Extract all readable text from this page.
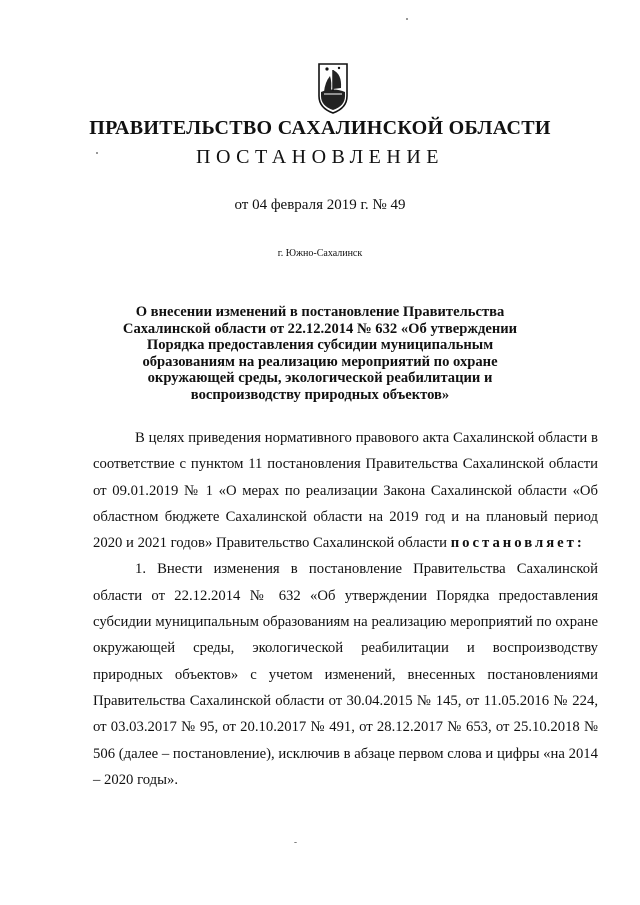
ПРАВИТЕЛЬСТВО САХАЛИНСКОЙ ОБЛАСТИ
ПОСТАНОВЛЕНИЕ
от 04 февраля 2019 г. № 49
г. Южно-Сахалинск
О внесении изменений в постановление Правительства Сахалинской области от 22.12.2014 № 632 «Об утверждении Порядка предоставления субсидии муниципальным образованиям на реализацию мероприятий по охране окружающей среды, экологической реабилитации и воспроизводству природных объектов»

В целях приведения нормативного правового акта Сахалинской области в соответствие с пунктом 11 постановления Правительства Сахалинской области от 09.01.2019 № 1 «О мерах по реализации Закона Сахалинской области «Об областном бюджете Сахалинской области на 2019 год и на плановый период 2020 и 2021 годов» Правительство Сахалинской области постановляет:

1. Внести изменения в постановление Правительства Сахалинской области от 22.12.2014 № 632 «Об утверждении Порядка предоставления субсидии муниципальным образованиям на реализацию мероприятий по охране окружающей среды, экологической реабилитации и воспроизводству природных объектов» с учетом изменений, внесенных постановлениями Правительства Сахалинской области от 30.04.2015 № 145, от 11.05.2016 № 224, от 03.03.2017 № 95, от 20.10.2017 № 491, от 28.12.2017 № 653, от 25.10.2018 № 506 (далее – постановление), исключив в абзаце первом слова и цифры «на 2014 – 2020 годы».
